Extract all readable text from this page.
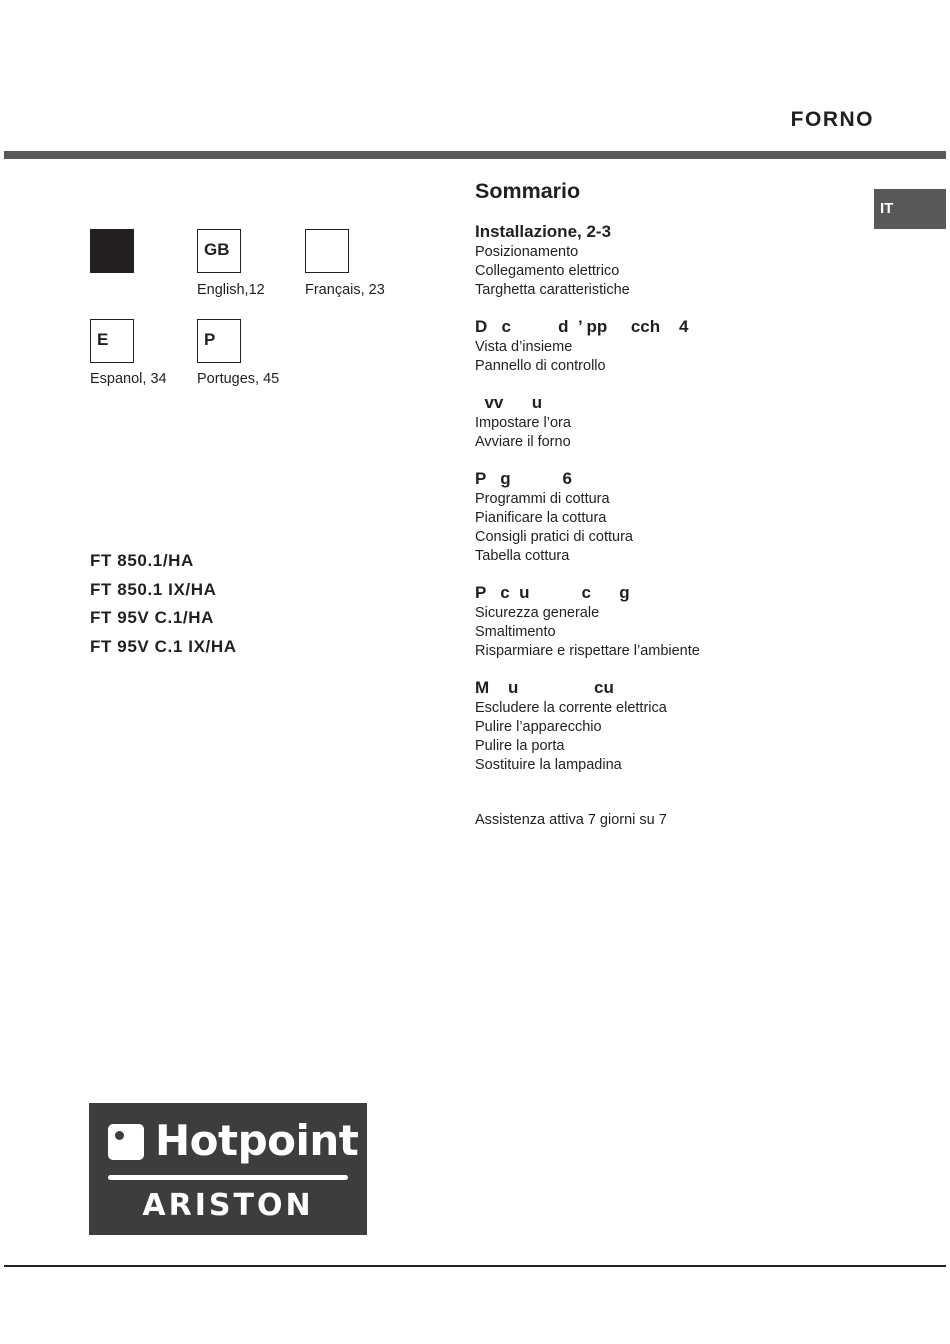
FORNO
IT
GB
English,12	Français, 23
E
Espanol, 34
P
Portuges, 45
FT 850.1/HA
FT 850.1 IX/HA
FT 95V C.1/HA
FT 95V C.1 IX/HA
Sommario
Installazione, 2-3
Posizionamento
Collegamento elettrico
Targhetta caratteristiche
D   c          d  ’ pp     cch    4
Vista d’insieme
Pannello di controllo
vv      u
Impostare l’ora
Avviare il forno
P   g           6
Programmi di cottura
Pianificare la cottura
Consigli pratici di cottura
Tabella cottura
P   c  u           c      g
Sicurezza generale
Smaltimento
Risparmiare e rispettare l’ambiente
M    u                cu
Escludere la corrente elettrica
Pulire l’apparecchio
Pulire la porta
Sostituire la lampadina
Assistenza attiva 7 giorni su 7
Hotpoint
ARISTON
